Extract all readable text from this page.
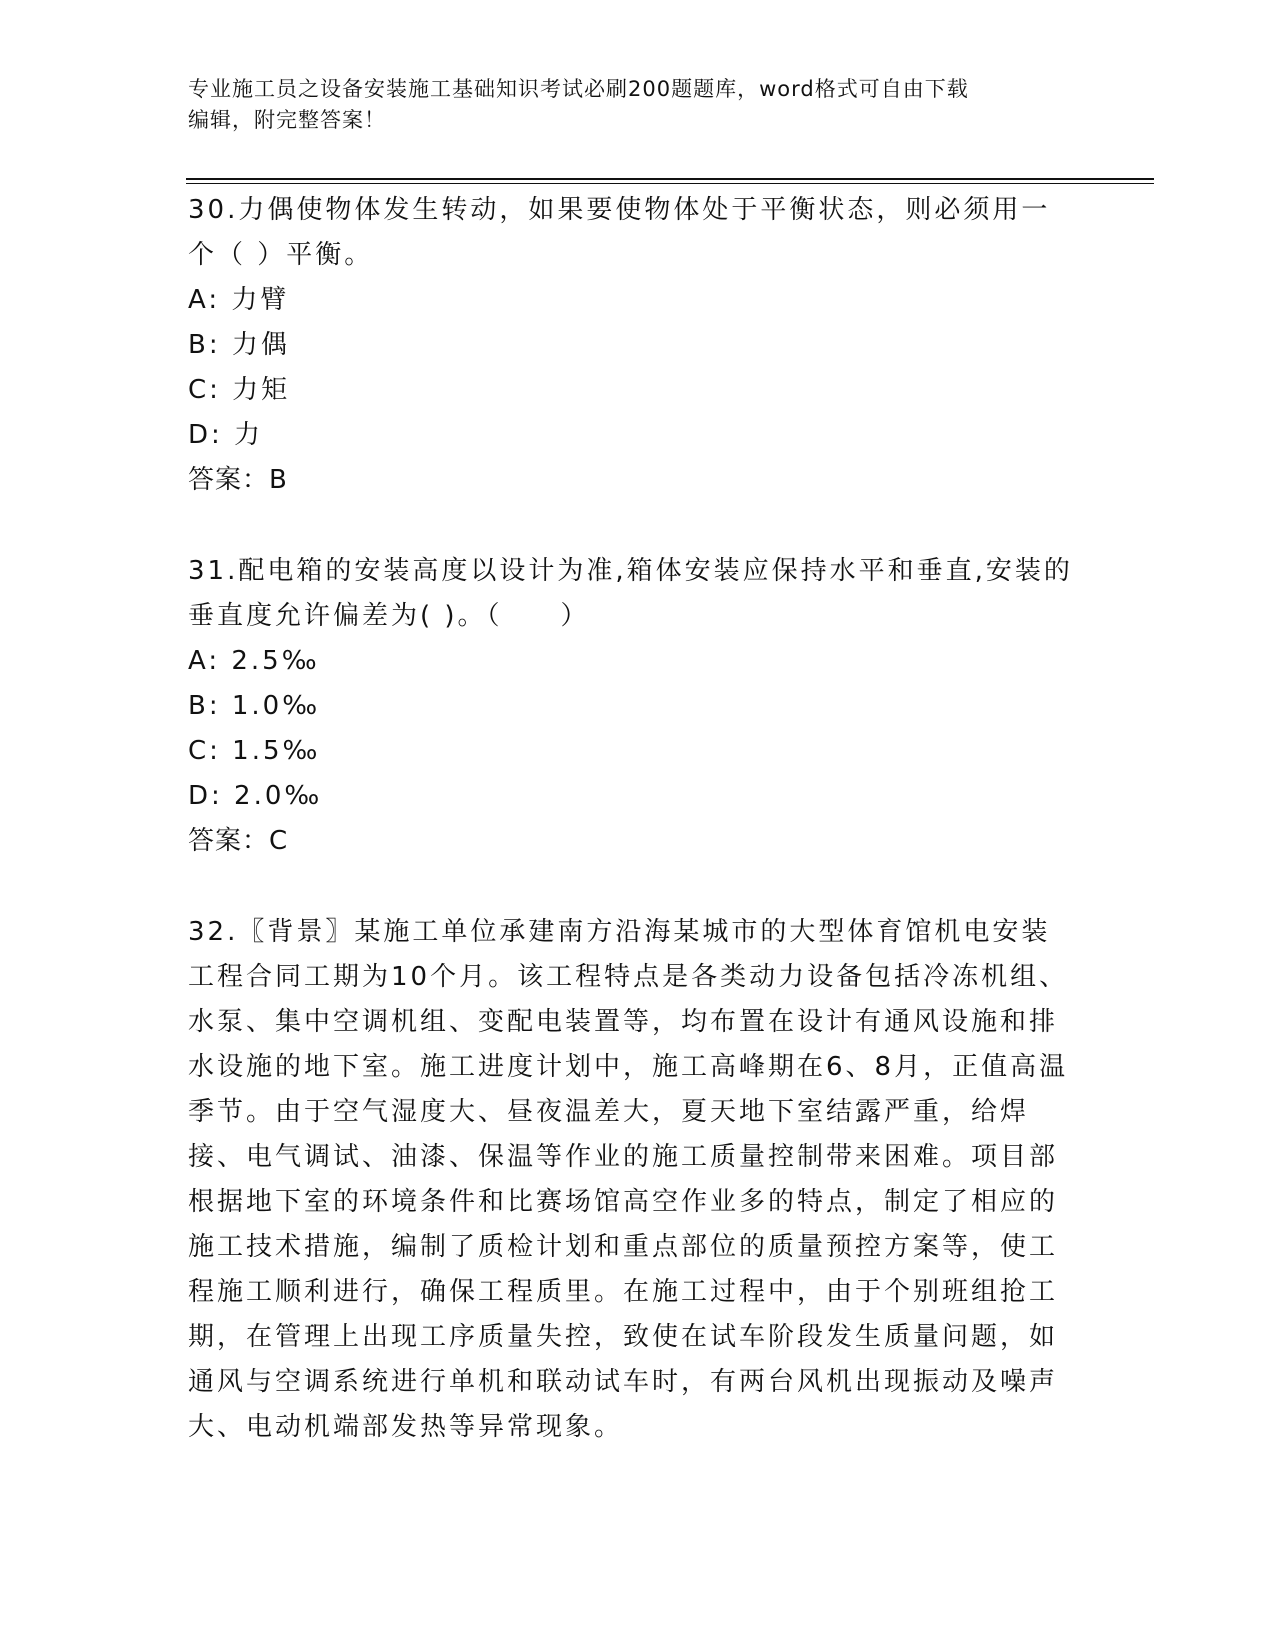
专业施工员之设备安装施工基础知识考试必刷200题题库，word格式可自由下载
编辑，附完整答案！

30.力偶使物体发生转动，如果要使物体处于平衡状态，则必须用一个（ ）平衡。

A: 力臂

B: 力偶

C: 力矩

D: 力

答案：B

31.配电箱的安装高度以设计为准,箱体安装应保持水平和垂直,安装的垂直度允许偏差为( )。（　　）

A: 2.5‰

B: 1.0‰

C: 1.5‰

D: 2.0‰

答案：C

32.〖背景〗某施工单位承建南方沿海某城市的大型体育馆机电安装工程合同工期为10个月。该工程特点是各类动力设备包括冷冻机组、水泵、集中空调机组、变配电装置等，均布置在设计有通风设施和排水设施的地下室。施工进度计划中，施工高峰期在6、8月，正值高温季节。由于空气湿度大、昼夜温差大，夏天地下室结露严重，给焊接、电气调试、油漆、保温等作业的施工质量控制带来困难。项目部根据地下室的环境条件和比赛场馆高空作业多的特点，制定了相应的施工技术措施，编制了质检计划和重点部位的质量预控方案等，使工程施工顺利进行，确保工程质里。在施工过程中，由于个别班组抢工期，在管理上出现工序质量失控，致使在试车阶段发生质量问题，如通风与空调系统进行单机和联动试车时，有两台风机出现振动及噪声大、电动机端部发热等异常现象。
